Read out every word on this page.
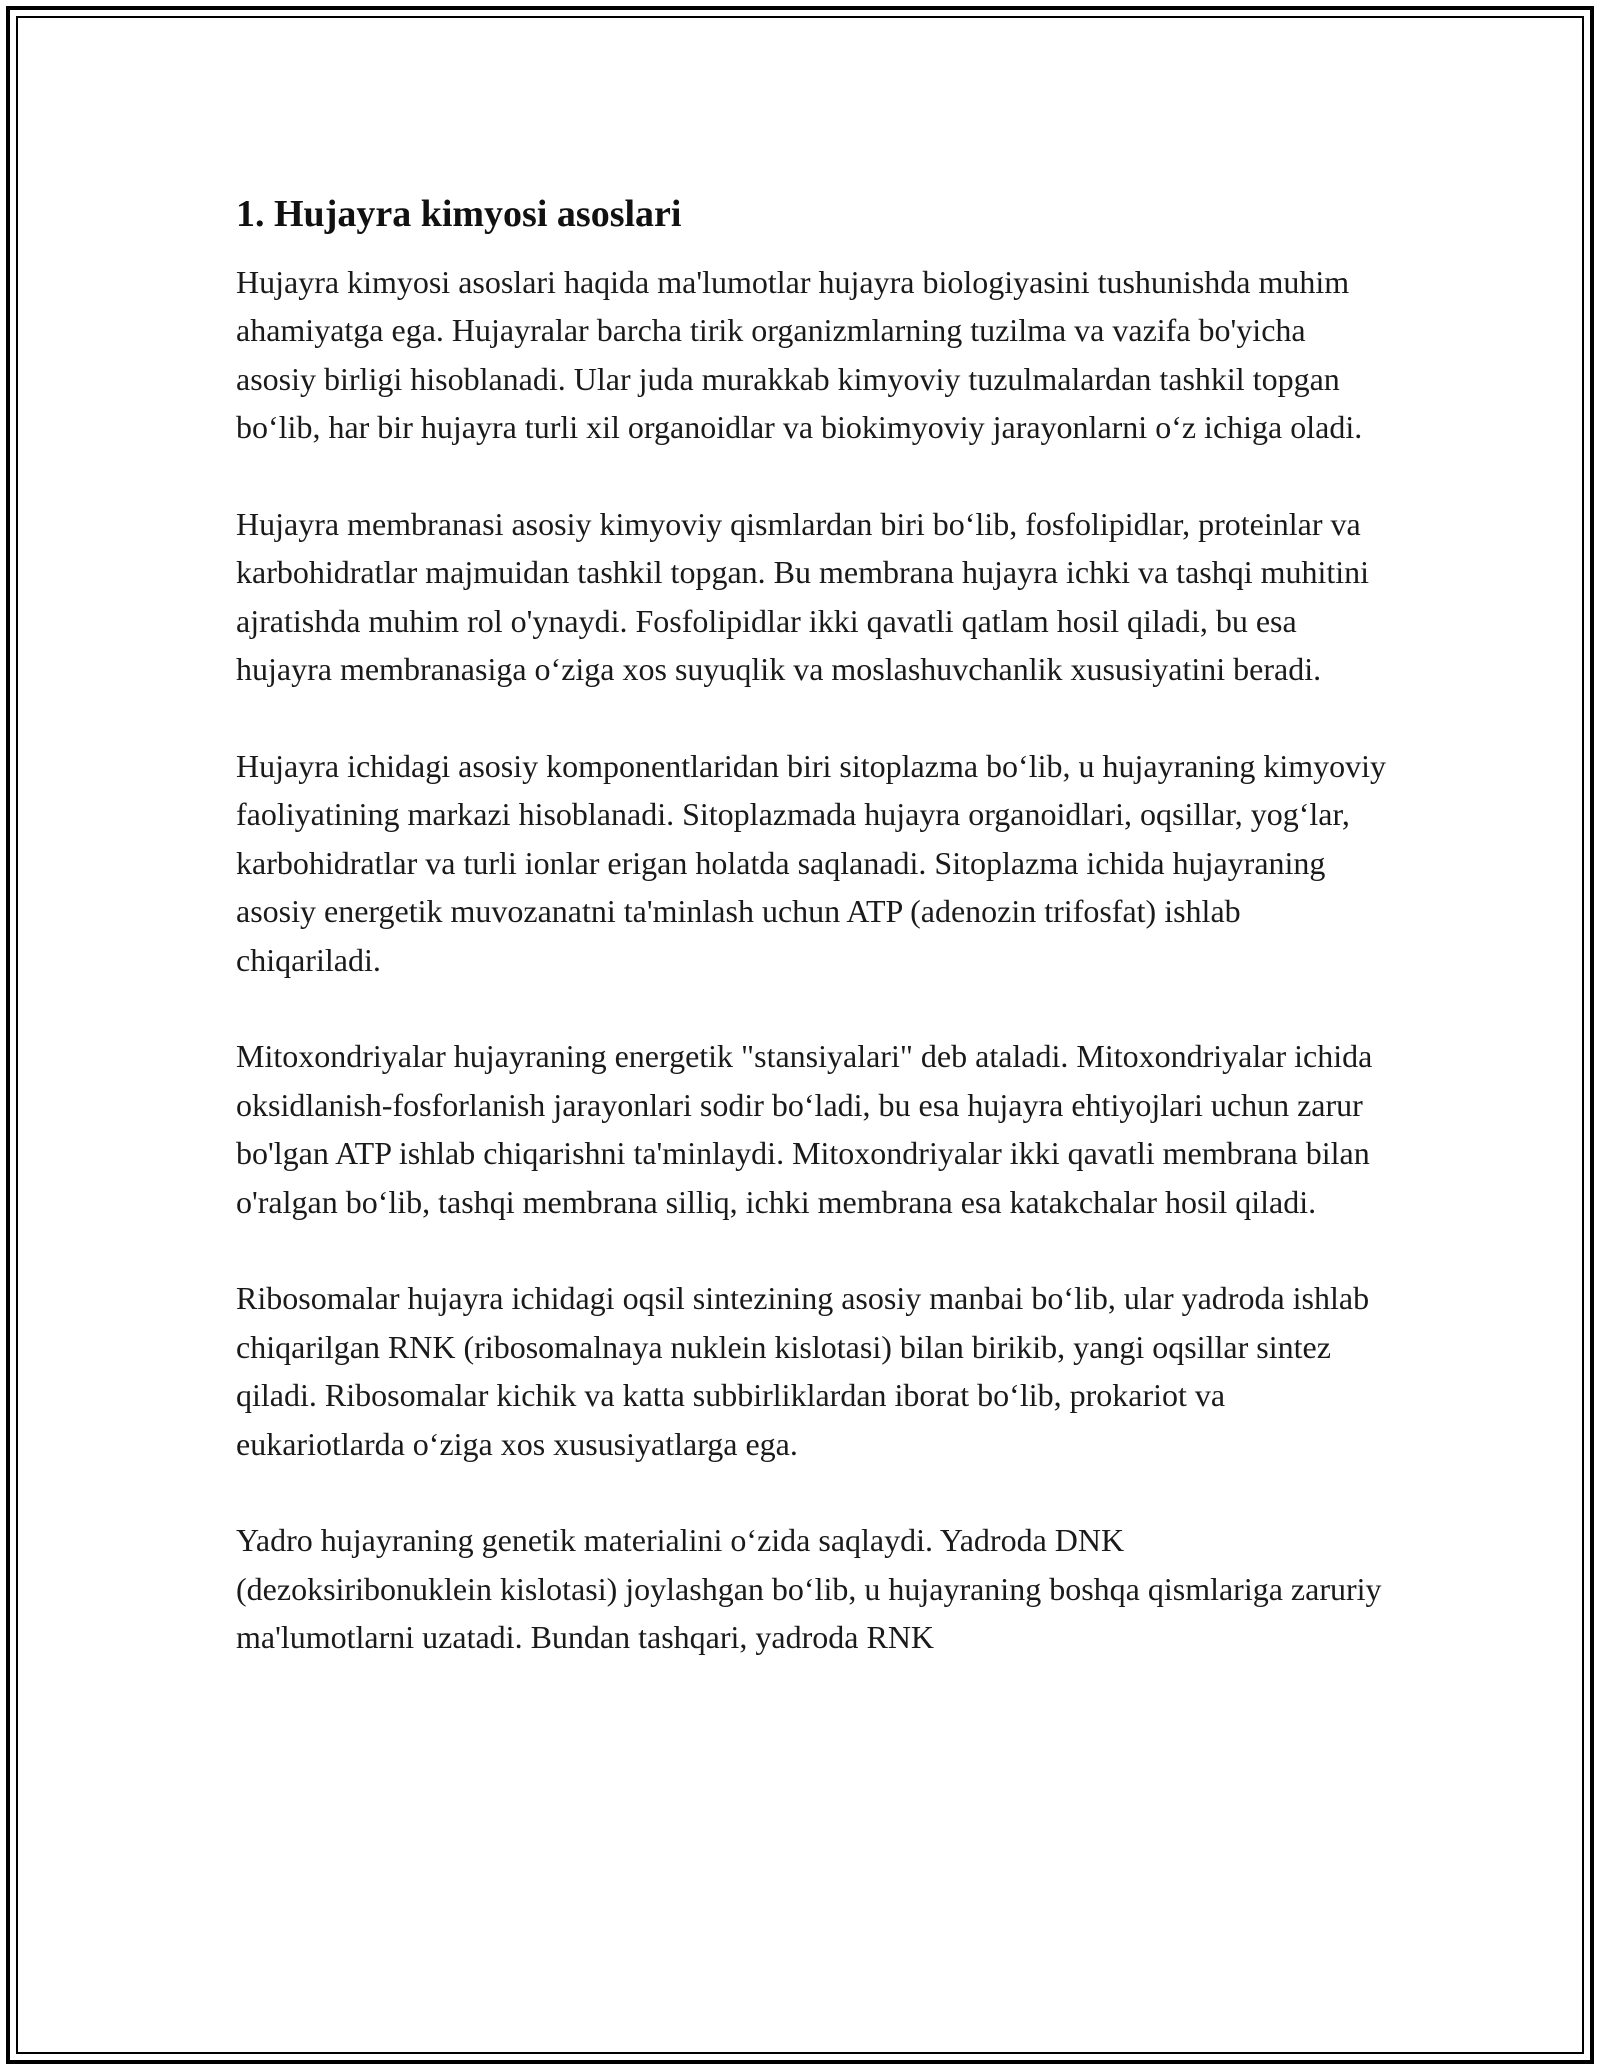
1. Hujayra kimyosi asoslari

Hujayra kimyosi asoslari haqida ma'lumotlar hujayra biologiyasini tushunishda muhim ahamiyatga ega. Hujayralar barcha tirik organizmlarning tuzilma va vazifa bo'yicha asosiy birligi hisoblanadi. Ular juda murakkab kimyoviy tuzulmalardan tashkil topgan bo‘lib, har bir hujayra turli xil organoidlar va biokimyoviy jarayonlarni o‘z ichiga oladi.

Hujayra membranasi asosiy kimyoviy qismlardan biri bo‘lib, fosfolipidlar, proteinlar va karbohidratlar majmuidan tashkil topgan. Bu membrana hujayra ichki va tashqi muhitini ajratishda muhim rol o'ynaydi. Fosfolipidlar ikki qavatli qatlam hosil qiladi, bu esa hujayra membranasiga o‘ziga xos suyuqlik va moslashuvchanlik xususiyatini beradi.

Hujayra ichidagi asosiy komponentlaridan biri sitoplazma bo‘lib, u hujayraning kimyoviy faoliyatining markazi hisoblanadi. Sitoplazmada hujayra organoidlari, oqsillar, yog‘lar, karbohidratlar va turli ionlar erigan holatda saqlanadi. Sitoplazma ichida hujayraning asosiy energetik muvozanatni ta'minlash uchun ATP (adenozin trifosfat) ishlab chiqariladi.

Mitoxondriyalar hujayraning energetik "stansiyalari" deb ataladi. Mitoxondriyalar ichida oksidlanish-fosforlanish jarayonlari sodir bo‘ladi, bu esa hujayra ehtiyojlari uchun zarur bo'lgan ATP ishlab chiqarishni ta'minlaydi. Mitoxondriyalar ikki qavatli membrana bilan o'ralgan bo‘lib, tashqi membrana silliq, ichki membrana esa katakchalar hosil qiladi.

Ribosomalar hujayra ichidagi oqsil sintezining asosiy manbai bo‘lib, ular yadroda ishlab chiqarilgan RNK (ribosomalnaya nuklein kislotasi) bilan birikib, yangi oqsillar sintez qiladi. Ribosomalar kichik va katta subbirliklardan iborat bo‘lib, prokariot va eukariotlarda o‘ziga xos xususiyatlarga ega.

Yadro hujayraning genetik materialini o‘zida saqlaydi. Yadroda DNK (dezoksiribonuklein kislotasi) joylashgan bo‘lib, u hujayraning boshqa qismlariga zaruriy ma'lumotlarni uzatadi. Bundan tashqari, yadroda RNK
